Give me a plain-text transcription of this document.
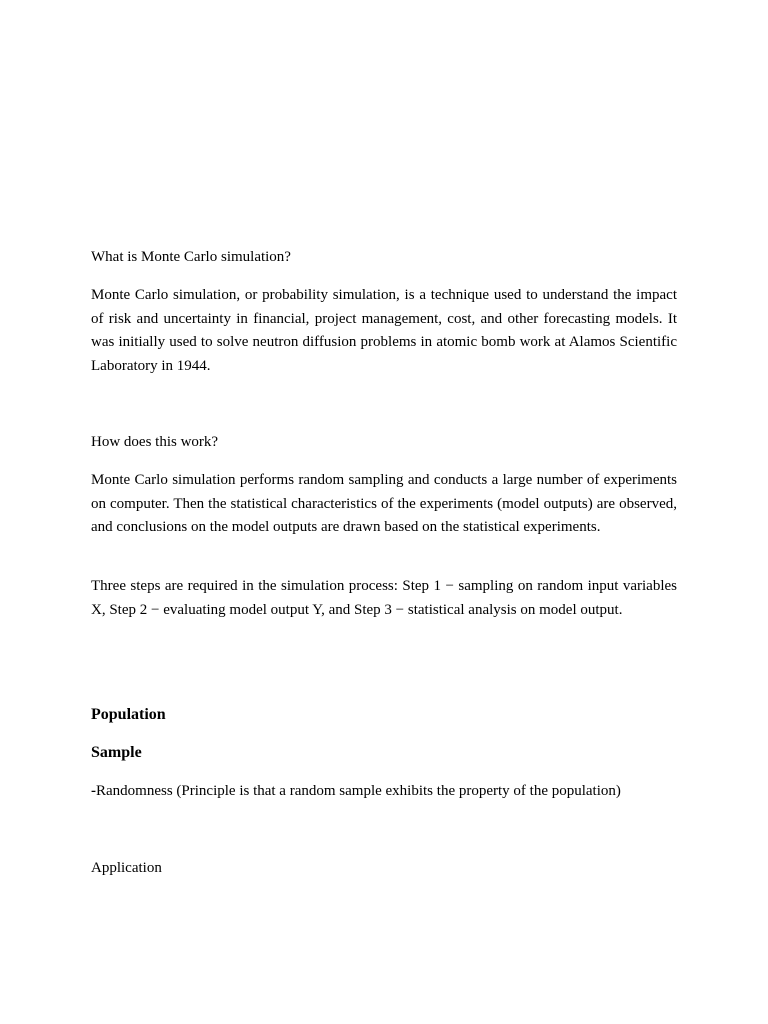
What is Monte Carlo simulation?

Monte Carlo simulation, or probability simulation, is a technique used to understand the impact of risk and uncertainty in financial, project management, cost, and other forecasting models. It was initially used to solve neutron diffusion problems in atomic bomb work at Alamos Scientific Laboratory in 1944.

How does this work?

Monte Carlo simulation performs random sampling and conducts a large number of experiments on computer. Then the statistical characteristics of the experiments (model outputs) are observed, and conclusions on the model outputs are drawn based on the statistical experiments.

Three steps are required in the simulation process: Step 1 − sampling on random input variables X, Step 2 − evaluating model output Y, and Step 3 − statistical analysis on model output.

Population

Sample

-Randomness (Principle is that a random sample exhibits the property of the population)

Application
